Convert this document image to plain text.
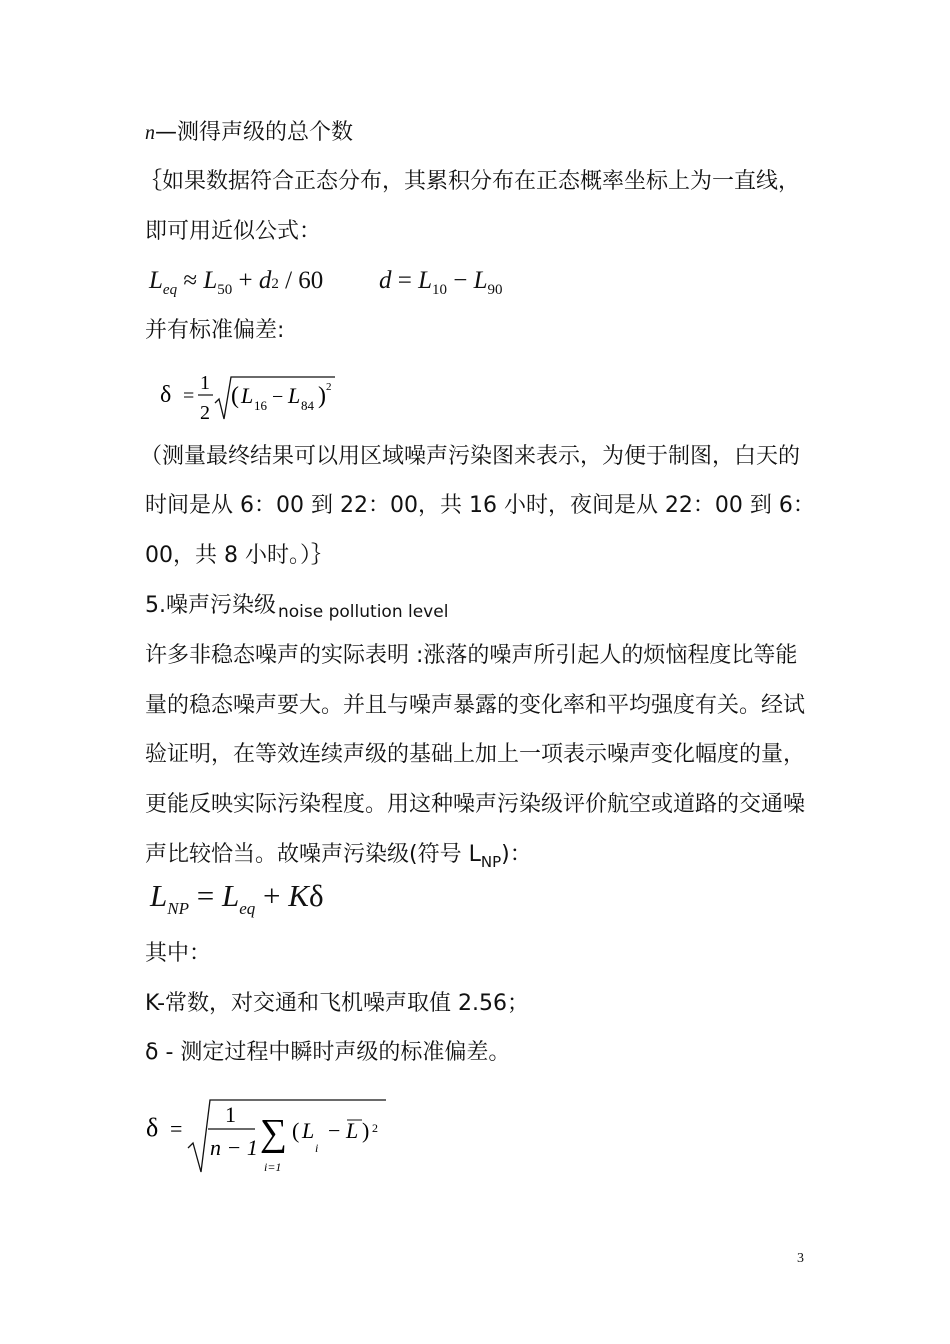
n—测得声级的总个数
｛如果数据符合正态分布，其累积分布在正态概率坐标上为一直线，
即可用近似公式：
$L_{eq} \approx L_{50} + d2 / 60$ $d = L_{10} - L_{90}$
并有标准偏差:
δ =
1
2
( L 16 − L 84 ) 2
（测量最终结果可以用区域噪声污染图来表示，为便于制图，白天的
时间是从 6：00 到 22：00，共 16 小时，夜间是从 22：00 到 6：
00，共 8 小时。）｝
5.噪声污染级 $_{noise pollution level}$
许多非稳态噪声的实际表明 :涨落的噪声所引起人的烦恼程度比等能
量的稳态噪声要大。并且与噪声暴露的变化率和平均强度有关。经试
验证明，在等效连续声级的基础上加上一项表示噪声变化幅度的量，
更能反映实际污染程度。用这种噪声污染级评价航空或道路的交通噪
声比较恰当。故噪声污染级(符号 $L_{NP}$)：
$L_{NP} = L_{eq} + K\delta$
其中：
K-常数，对交通和飞机噪声取值 2.56；
δ - 测定过程中瞬时声级的标准偏差。
δ =
1
n − 1 ∑
i=1
( L
i
− L ) 2
3
